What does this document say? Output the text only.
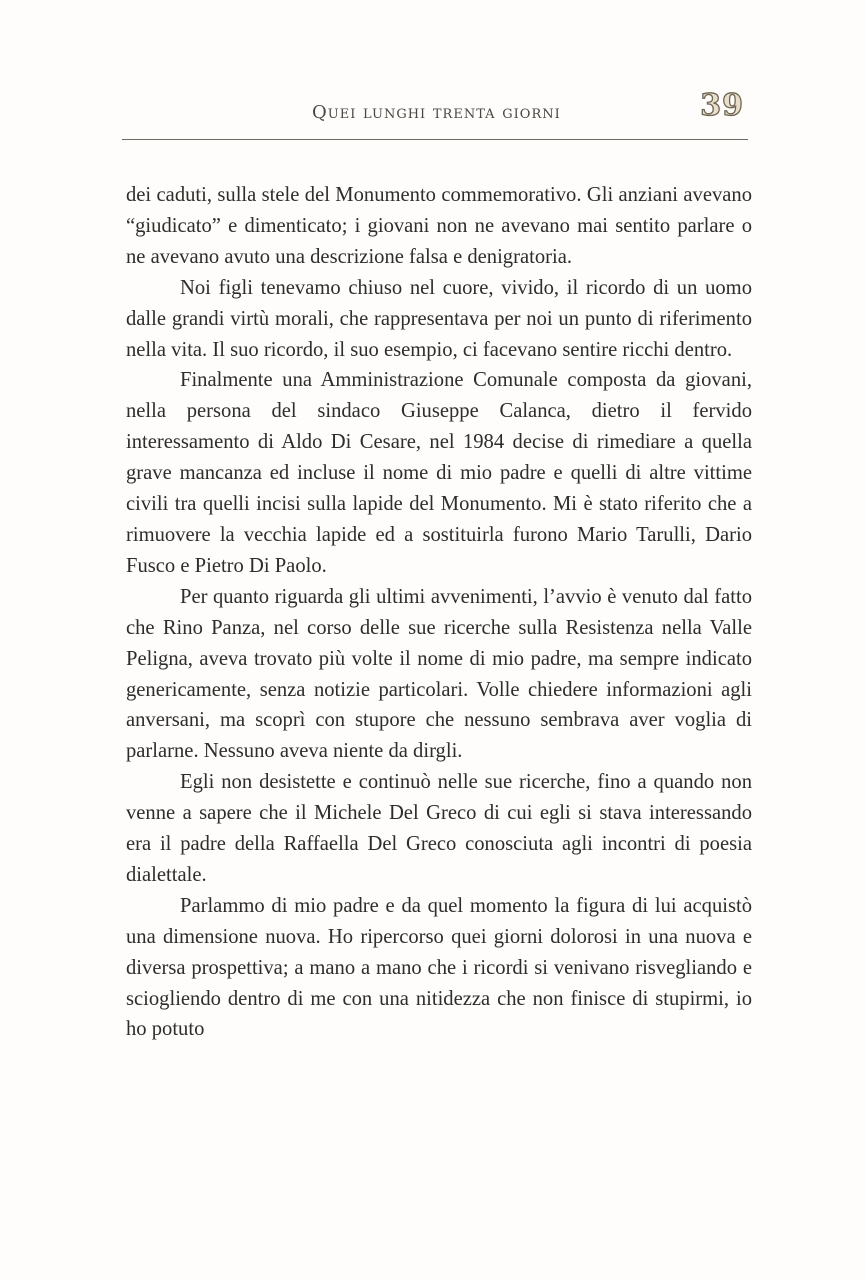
Quei lunghi trenta giorni	39

dei caduti, sulla stele del Monumento commemorativo. Gli anziani avevano “giudicato” e dimenticato; i giovani non ne avevano mai sentito parlare o ne avevano avuto una descrizione falsa e denigratoria.

Noi figli tenevamo chiuso nel cuore, vivido, il ricordo di un uomo dalle grandi virtù morali, che rappresentava per noi un punto di riferimento nella vita. Il suo ricordo, il suo esempio, ci facevano sentire ricchi dentro.

Finalmente una Amministrazione Comunale composta da giovani, nella persona del sindaco Giuseppe Calanca, dietro il fervido interessamento di Aldo Di Cesare, nel 1984 decise di rimediare a quella grave mancanza ed incluse il nome di mio padre e quelli di altre vittime civili tra quelli incisi sulla lapide del Monumento. Mi è stato riferito che a rimuovere la vecchia lapide ed a sostituirla furono Mario Tarulli, Dario Fusco e Pietro Di Paolo.

Per quanto riguarda gli ultimi avvenimenti, l’avvio è venuto dal fatto che Rino Panza, nel corso delle sue ricerche sulla Resistenza nella Valle Peligna, aveva trovato più volte il nome di mio padre, ma sempre indicato genericamente, senza notizie particolari. Volle chiedere informazioni agli anversani, ma scoprì con stupore che nessuno sembrava aver voglia di parlarne. Nessuno aveva niente da dirgli.

Egli non desistette e continuò nelle sue ricerche, fino a quando non venne a sapere che il Michele Del Greco di cui egli si stava interessando era il padre della Raffaella Del Greco conosciuta agli incontri di poesia dialettale.

Parlammo di mio padre e da quel momento la figura di lui acquistò una dimensione nuova. Ho ripercorso quei giorni dolorosi in una nuova e diversa prospettiva; a mano a mano che i ricordi si venivano risvegliando e sciogliendo dentro di me con una nitidezza che non finisce di stupirmi, io ho potuto
